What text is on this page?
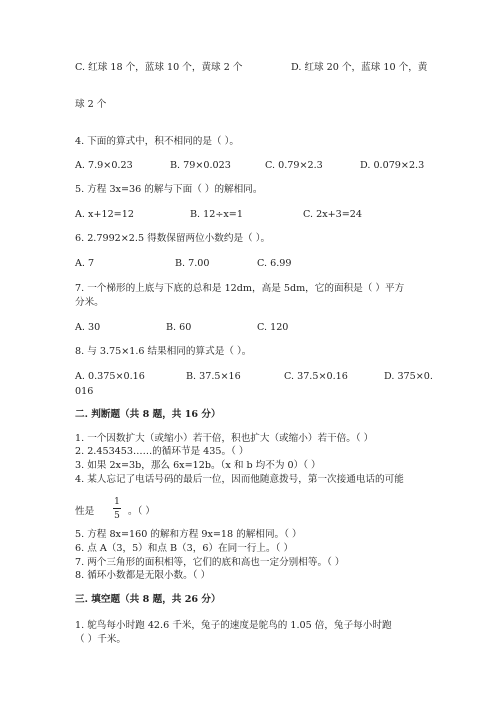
C. 红球 18 个，蓝球 10 个，黄球 2 个	D. 红球 20 个，蓝球 10 个，黄
球 2 个
4. 下面的算式中，积不相同的是（ ）。
A. 7.9×0.23	B. 79×0.023	C. 0.79×2.3	D. 0.079×2.3
5. 方程 3x=36 的解与下面（ ）的解相同。
A. x+12=12	B. 12÷x=1	C. 2x+3=24
6. 2.7992×2.5 得数保留两位小数约是（ ）。
A. 7	B. 7.00	C. 6.99
7. 一个梯形的上底与下底的总和是 12dm，高是 5dm，它的面积是（ ）平方
分米。
A. 30	B. 60	C. 120
8. 与 3.75×1.6 结果相同的算式是（ ）。
A. 0.375×0.16	B. 37.5×16	C. 37.5×0.16	D. 375×0.
016
二. 判断题（共 8 题，共 16 分）
1. 一个因数扩大（或缩小）若干倍，积也扩大（或缩小）若干倍。（ ）
2. 2.453453……的循环节是 435。（ ）
3. 如果 2x=3b，那么 6x=12b。（x 和 b 均不为 0）（ ）
4. 某人忘记了电话号码的最后一位，因而他随意拨号，第一次接通电话的可能
性是
1
5 。（ ）
5. 方程 8x=160 的解和方程 9x=18 的解相同。（ ）
6. 点 A（3，5）和点 B（3，6）在同一行上。（ ）
7. 两个三角形的面积相等，它们的底和高也一定分别相等。（ ）
8. 循环小数都是无限小数。（ ）
三. 填空题（共 8 题，共 26 分）
1. 鸵鸟每小时跑 42.6 千米，兔子的速度是鸵鸟的 1.05 倍，兔子每小时跑
（ ）千米。
